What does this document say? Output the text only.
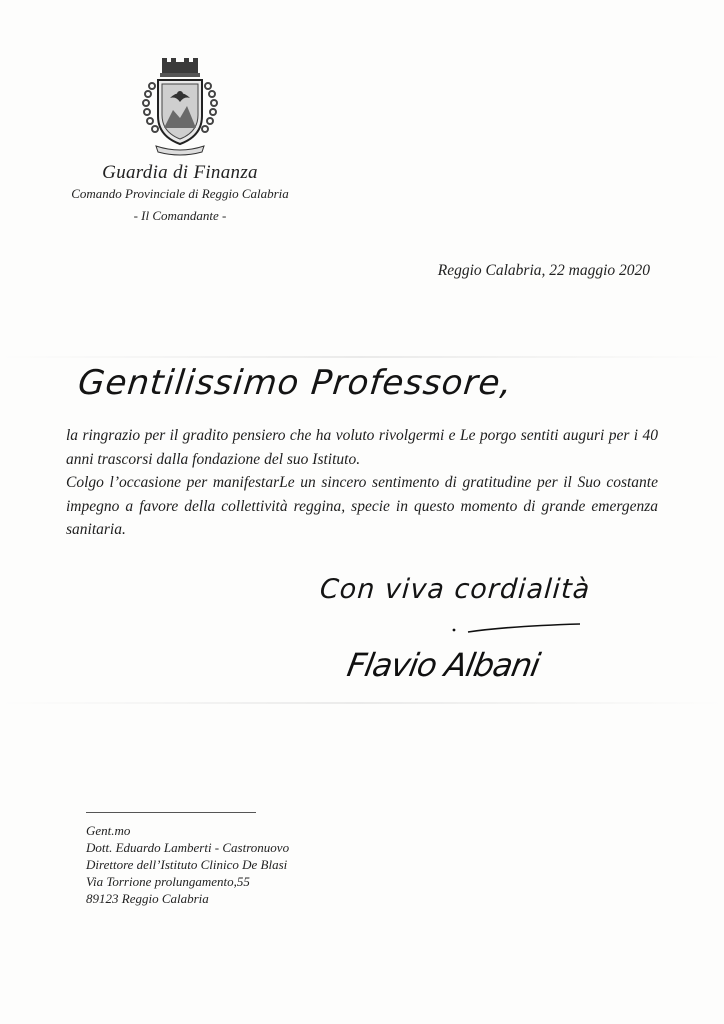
Guardia di Finanza
Comando Provinciale di Reggio Calabria
- Il Comandante -
Reggio Calabria, 22 maggio 2020
Gentilissimo Professore,

la ringrazio per il gradito pensiero che ha voluto rivolgermi e Le porgo sentiti auguri per i 40 anni trascorsi dalla fondazione del suo Istituto.

Colgo l’occasione per manifestarLe un sincero sentimento di gratitudine per il Suo costante impegno a favore della collettività reggina, specie in questo momento di grande emergenza sanitaria.

Con viva cordialità
Flavio Albani
Gent.mo
Dott. Eduardo Lamberti - Castronuovo
Direttore dell’Istituto Clinico De Blasi
Via Torrione prolungamento,55
89123 Reggio Calabria
